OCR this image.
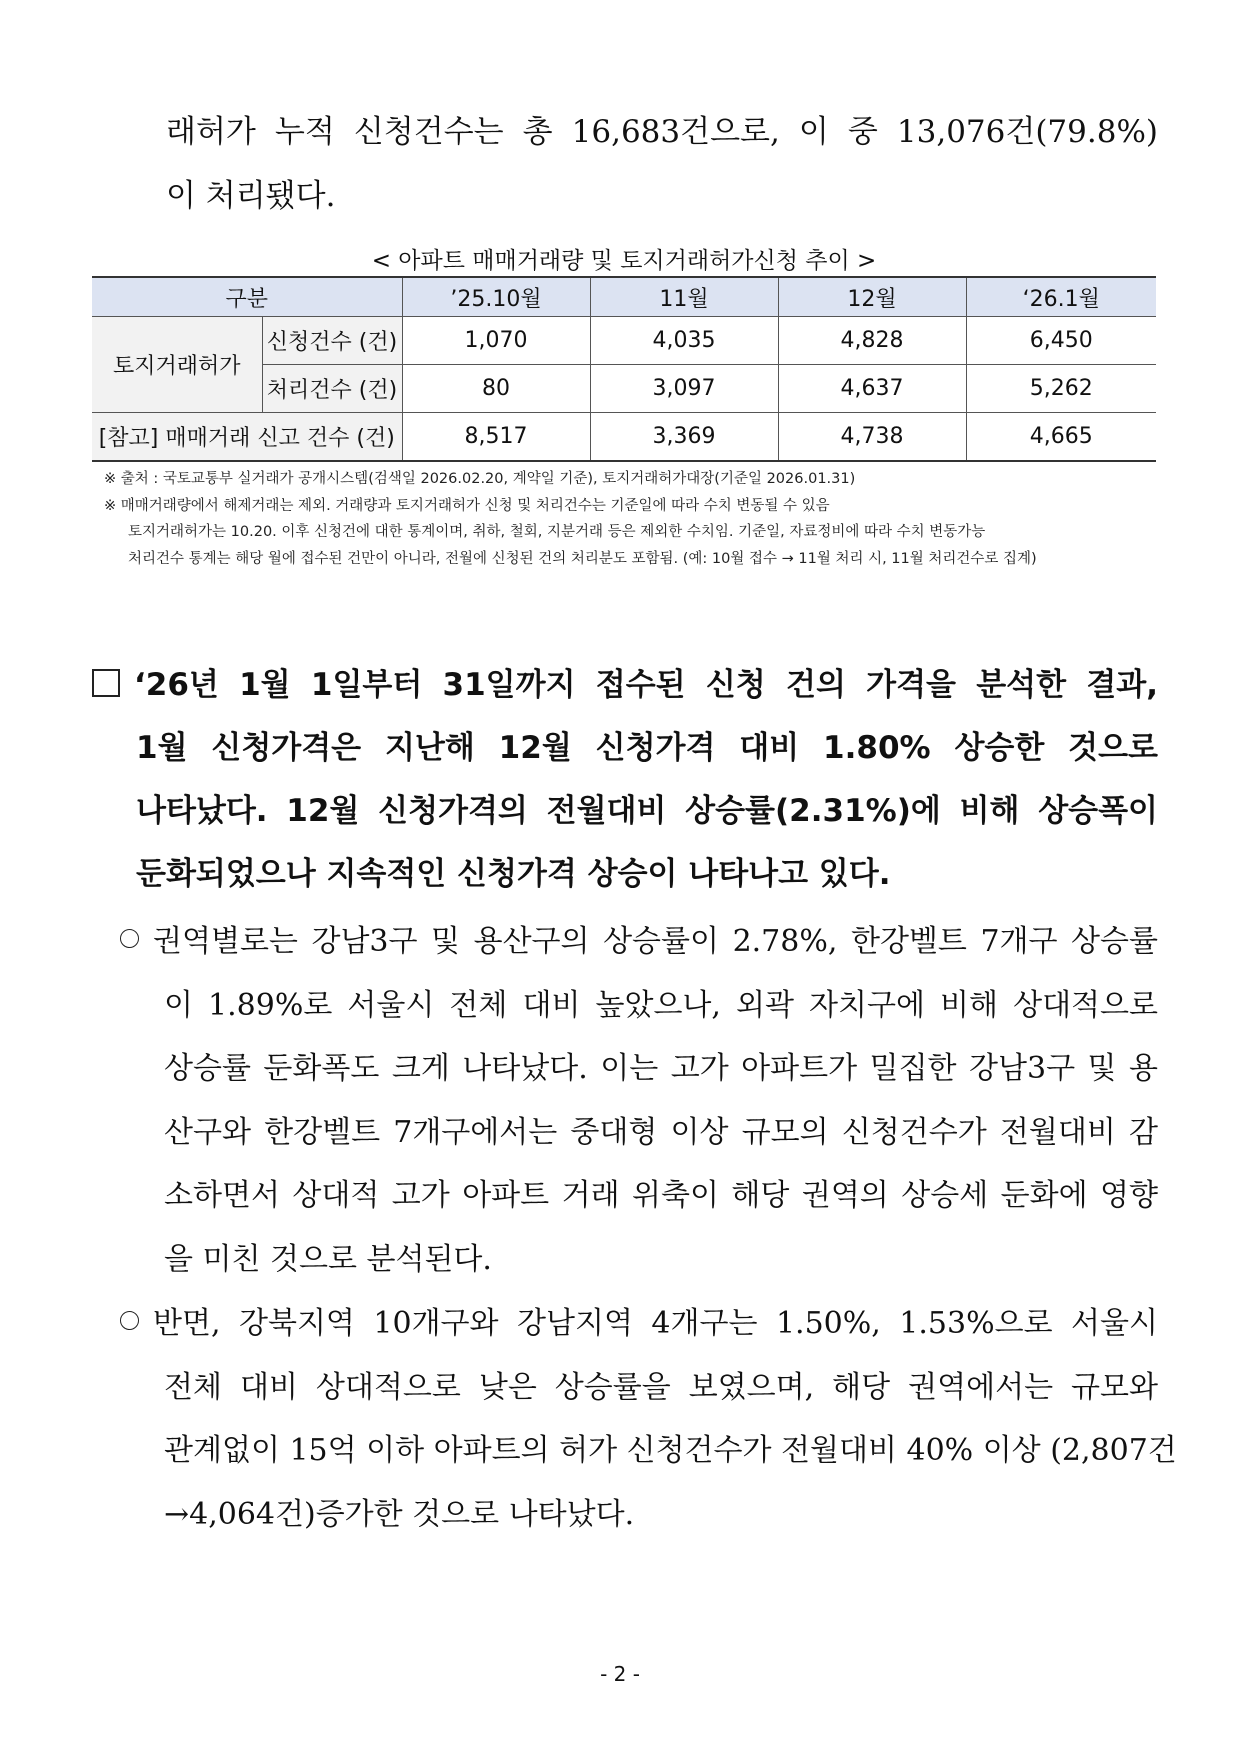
래허가 누적 신청건수는 총 16,683건으로, 이 중 13,076건(79.8%)
이 처리됐다.
< 아파트 매매거래량 및 토지거래허가신청 추이 >
구분		’25.10월	11월	12월	‘26.1월
토지거래허가	신청건수 (건)	1,070	4,035	4,828	6,450
	처리건수 (건)	80	3,097	4,637	5,262
[참고] 매매거래 신고 건수 (건)		8,517	3,369	4,738	4,665
※ 출처 : 국토교통부 실거래가 공개시스템(검색일 2026.02.20, 계약일 기준), 토지거래허가대장(기준일 2026.01.31)
※ 매매거래량에서 해제거래는 제외. 거래량과 토지거래허가 신청 및 처리건수는 기준일에 따라 수치 변동될 수 있음
토지거래허가는 10.20. 이후 신청건에 대한 통계이며, 취하, 철회, 지분거래 등은 제외한 수치임. 기준일, 자료정비에 따라 수치 변동가능
처리건수 통계는 해당 월에 접수된 건만이 아니라, 전월에 신청된 건의 처리분도 포함됨. (예: 10월 접수 → 11월 처리 시, 11월 처리건수로 집계)
‘26년 1월 1일부터 31일까지 접수된 신청 건의 가격을 분석한 결과,
1월 신청가격은 지난해 12월 신청가격 대비 1.80% 상승한 것으로
나타났다. 12월 신청가격의 전월대비 상승률(2.31%)에 비해 상승폭이
둔화되었으나 지속적인 신청가격 상승이 나타나고 있다.
권역별로는 강남3구 및 용산구의 상승률이 2.78%, 한강벨트 7개구 상승률
이 1.89%로 서울시 전체 대비 높았으나, 외곽 자치구에 비해 상대적으로
상승률 둔화폭도 크게 나타났다. 이는 고가 아파트가 밀집한 강남3구 및 용
산구와 한강벨트 7개구에서는 중대형 이상 규모의 신청건수가 전월대비 감
소하면서 상대적 고가 아파트 거래 위축이 해당 권역의 상승세 둔화에 영향
을 미친 것으로 분석된다.
반면, 강북지역 10개구와 강남지역 4개구는 1.50%, 1.53%으로 서울시
전체 대비 상대적으로 낮은 상승률을 보였으며, 해당 권역에서는 규모와
관계없이 15억 이하 아파트의 허가 신청건수가 전월대비 40% 이상 (2,807건
→4,064건)증가한 것으로 나타났다.
- 2 -
